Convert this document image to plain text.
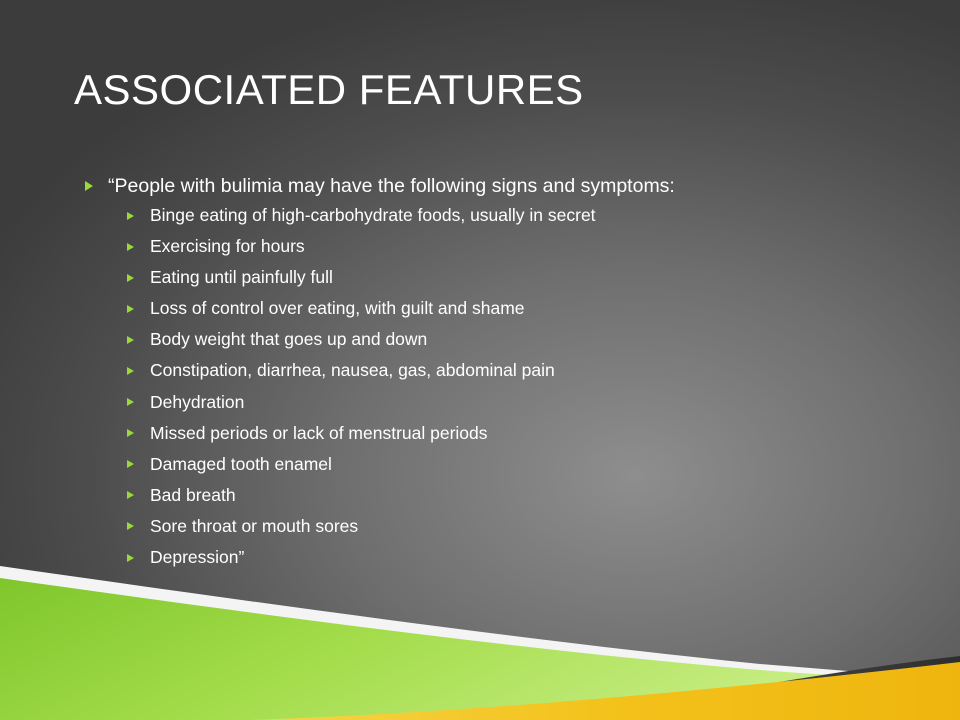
ASSOCIATED FEATURES
“People with bulimia may have the following signs and symptoms:
Binge eating of high-carbohydrate foods, usually in secret
Exercising for hours
Eating until painfully full
Loss of control over eating, with guilt and shame
Body weight that goes up and down
Constipation, diarrhea, nausea, gas, abdominal pain
Dehydration
Missed periods or lack of menstrual periods
Damaged tooth enamel
Bad breath
Sore throat or mouth sores
Depression”
